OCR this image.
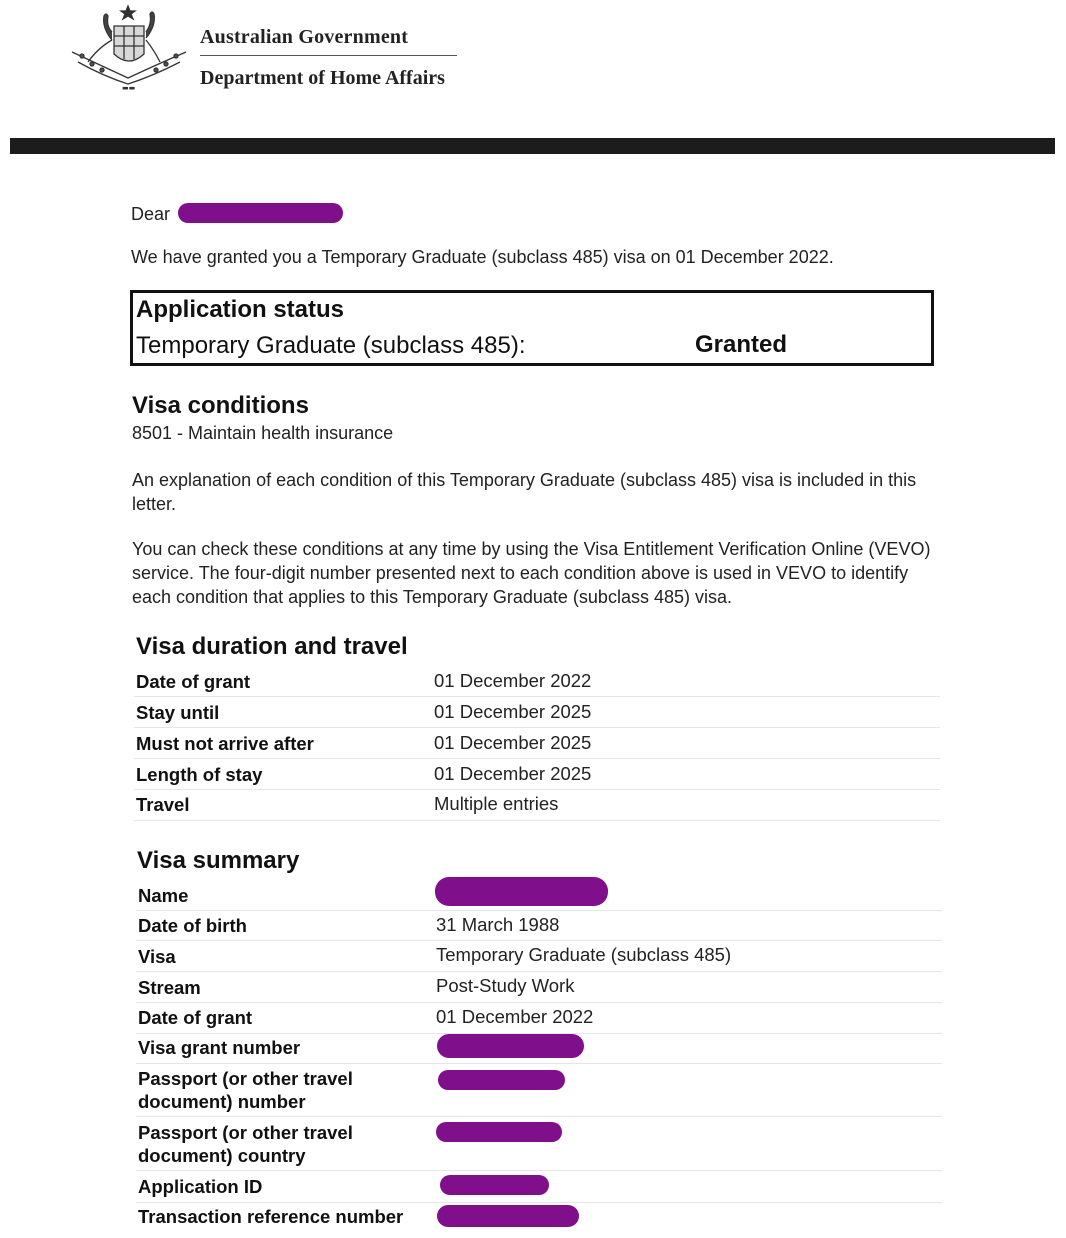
▬▬
Australian Government
Department of Home Affairs
Dear
We have granted you a Temporary Graduate (subclass 485) visa on 01 December 2022.
Application status
Temporary Graduate (subclass 485):	Granted
Visa conditions
8501 - Maintain health insurance
An explanation of each condition of this Temporary Graduate (subclass 485) visa is included in this letter.
You can check these conditions at any time by using the Visa Entitlement Verification Online (VEVO) service. The four-digit number presented next to each condition above is used in VEVO to identify each condition that applies to this Temporary Graduate (subclass 485) visa.
Visa duration and travel
Date of grant	01 December 2022
Stay until	01 December 2025
Must not arrive after	01 December 2025
Length of stay	01 December 2025
Travel	Multiple entries
Visa summary
Name
Date of birth	31 March 1988
Visa	Temporary Graduate (subclass 485)
Stream	Post-Study Work
Date of grant	01 December 2022
Visa grant number
Passport (or other travel document) number
Passport (or other travel document) country
Application ID
Transaction reference number
